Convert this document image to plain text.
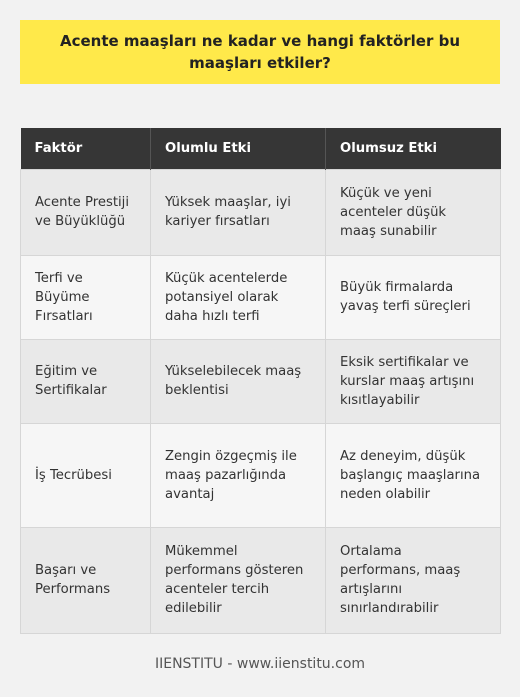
Acente maaşları ne kadar ve hangi faktörler bu maaşları etkiler?
Faktör	Olumlu Etki	Olumsuz Etki
Acente Prestiji ve Büyüklüğü	Yüksek maaşlar, iyi kariyer fırsatları	Küçük ve yeni acenteler düşük maaş sunabilir
Terfi ve Büyüme Fırsatları	Küçük acentelerde potansiyel olarak daha hızlı terfi	Büyük firmalarda yavaş terfi süreçleri
Eğitim ve Sertifikalar	Yükselebilecek maaş beklentisi	Eksik sertifikalar ve kurslar maaş artışını kısıtlayabilir
İş Tecrübesi	Zengin özgeçmiş ile maaş pazarlığında avantaj	Az deneyim, düşük başlangıç maaşlarına neden olabilir
Başarı ve Performans	Mükemmel performans gösteren acenteler tercih edilebilir	Ortalama performans, maaş artışlarını sınırlandırabilir
IIENSTITU - www.iienstitu.com
